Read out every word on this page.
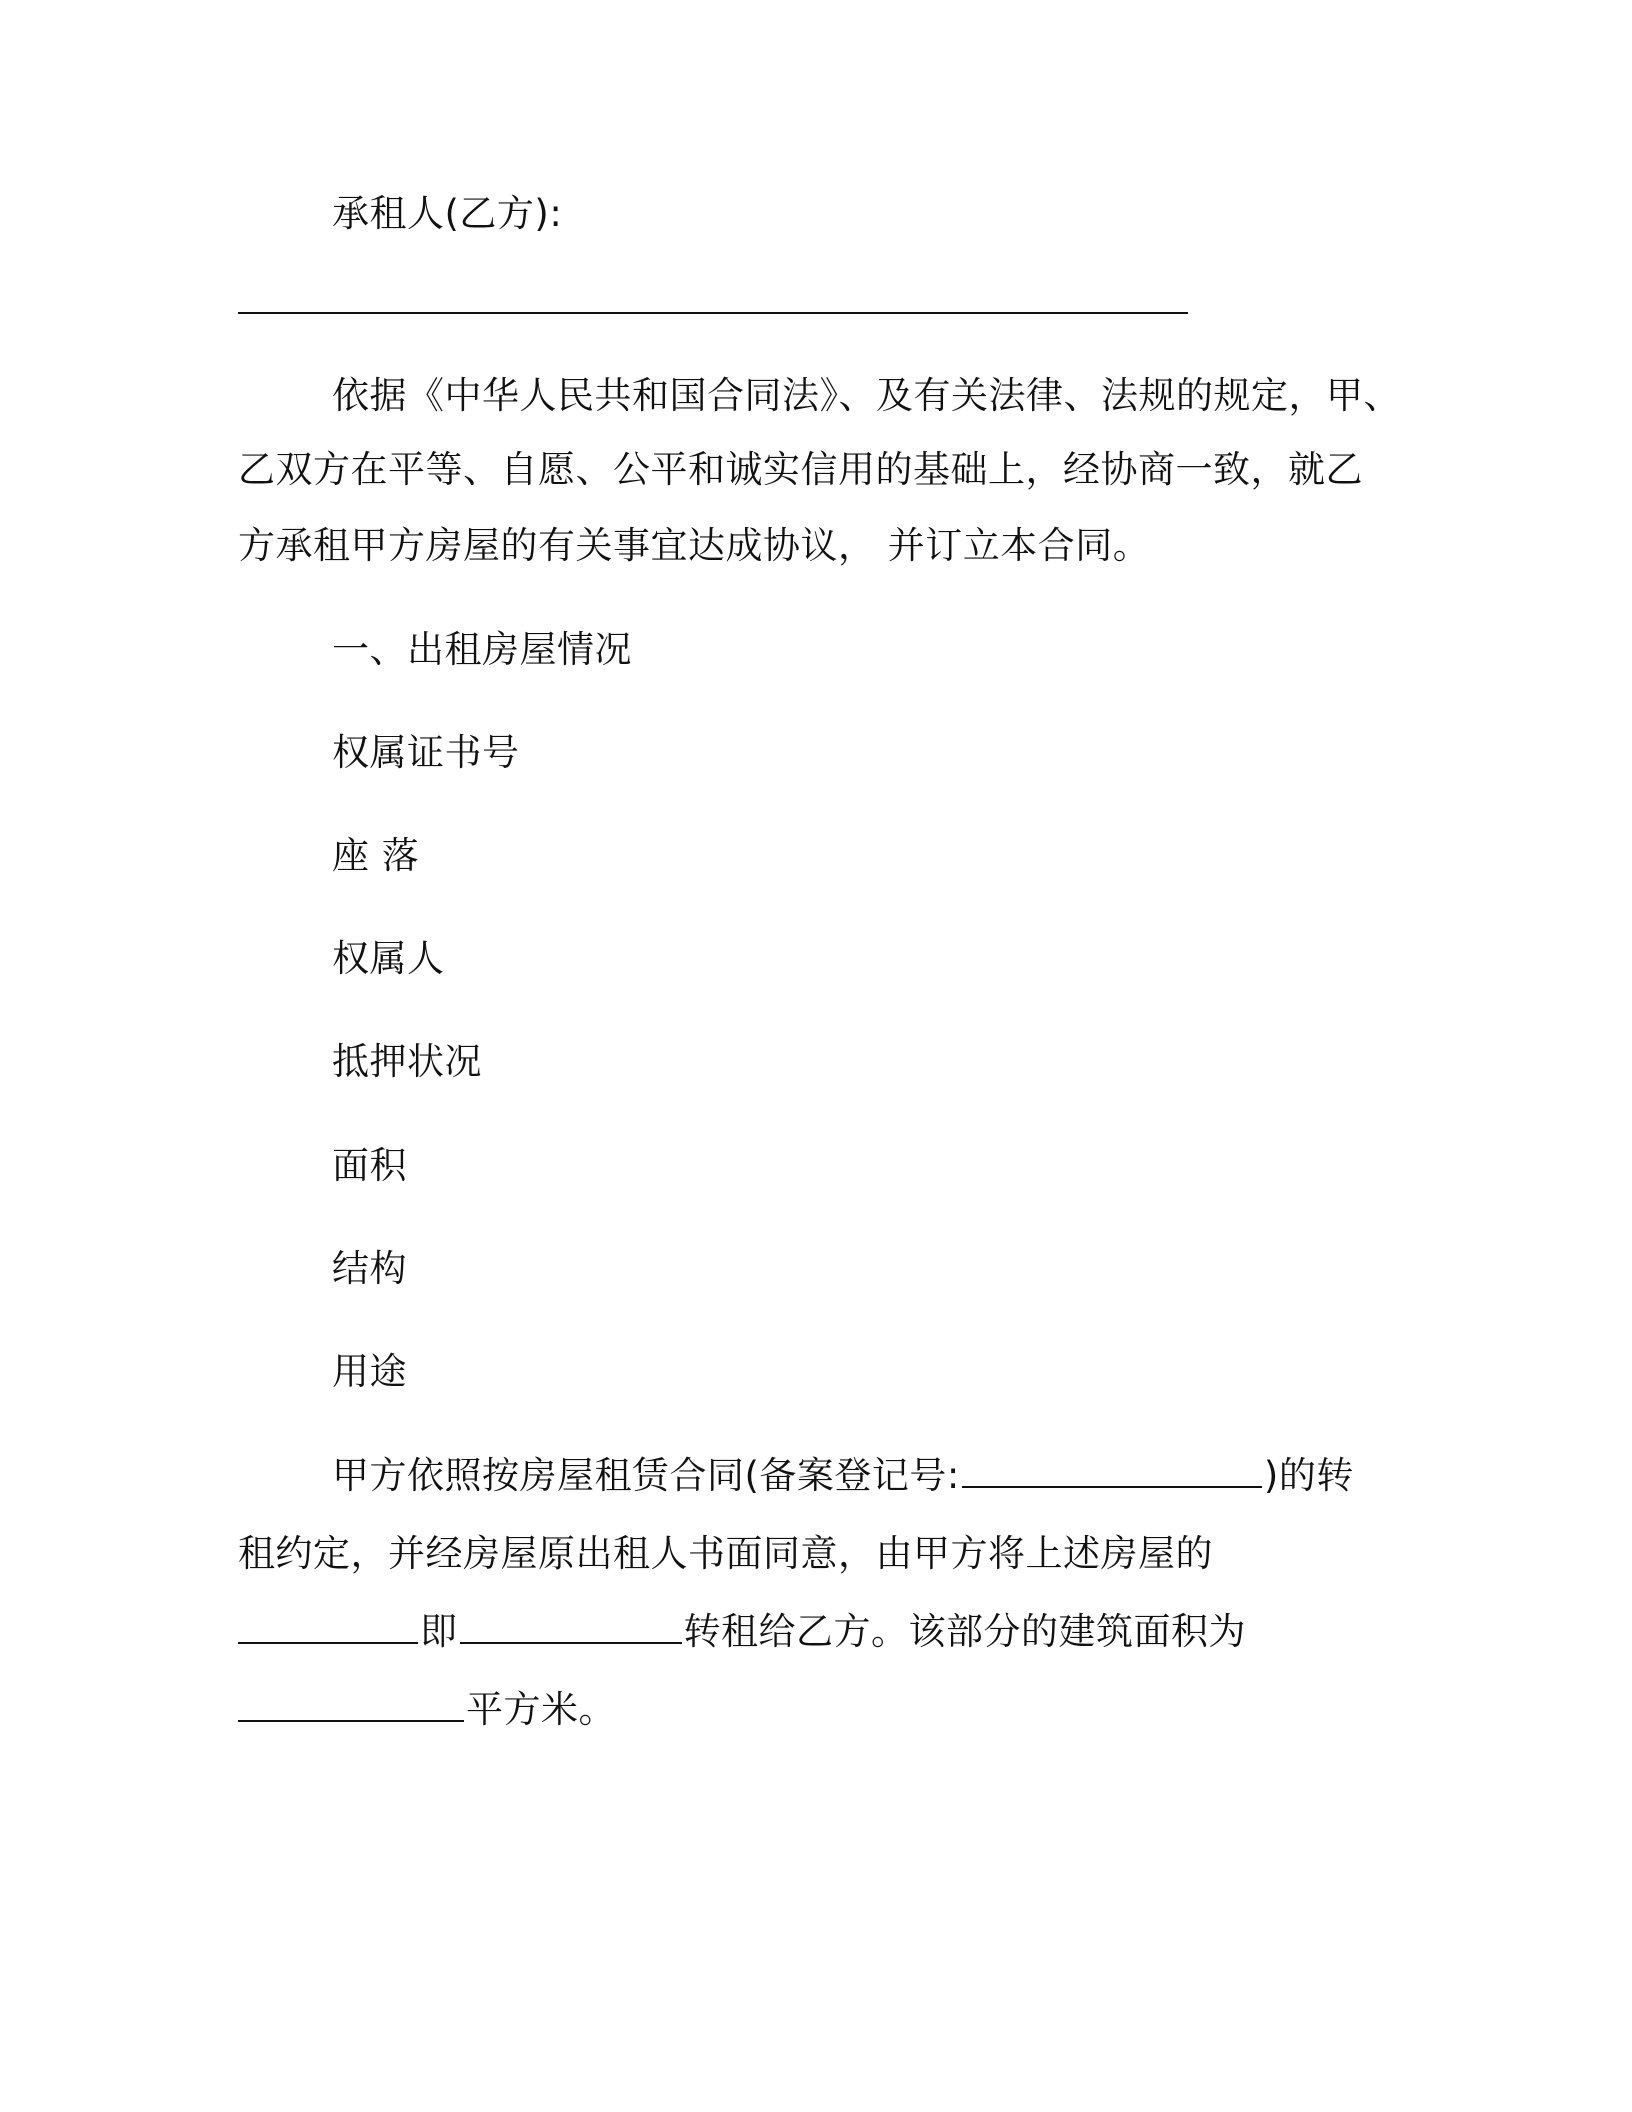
承租人(乙方):
依据《中华人民共和国合同法》、及有关法律、法规的规定，甲、
乙双方在平等、自愿、公平和诚实信用的基础上，经协商一致，就乙
方承租甲方房屋的有关事宜达成协议， 并订立本合同。
一、出租房屋情况
权属证书号
座 落
权属人
抵押状况
面积
结构
用途
甲方依照按房屋租赁合同(备案登记号:	)的转
租约定，并经房屋原出租人书面同意，由甲方将上述房屋的
即	转租给乙方。该部分的建筑面积为
平方米。
